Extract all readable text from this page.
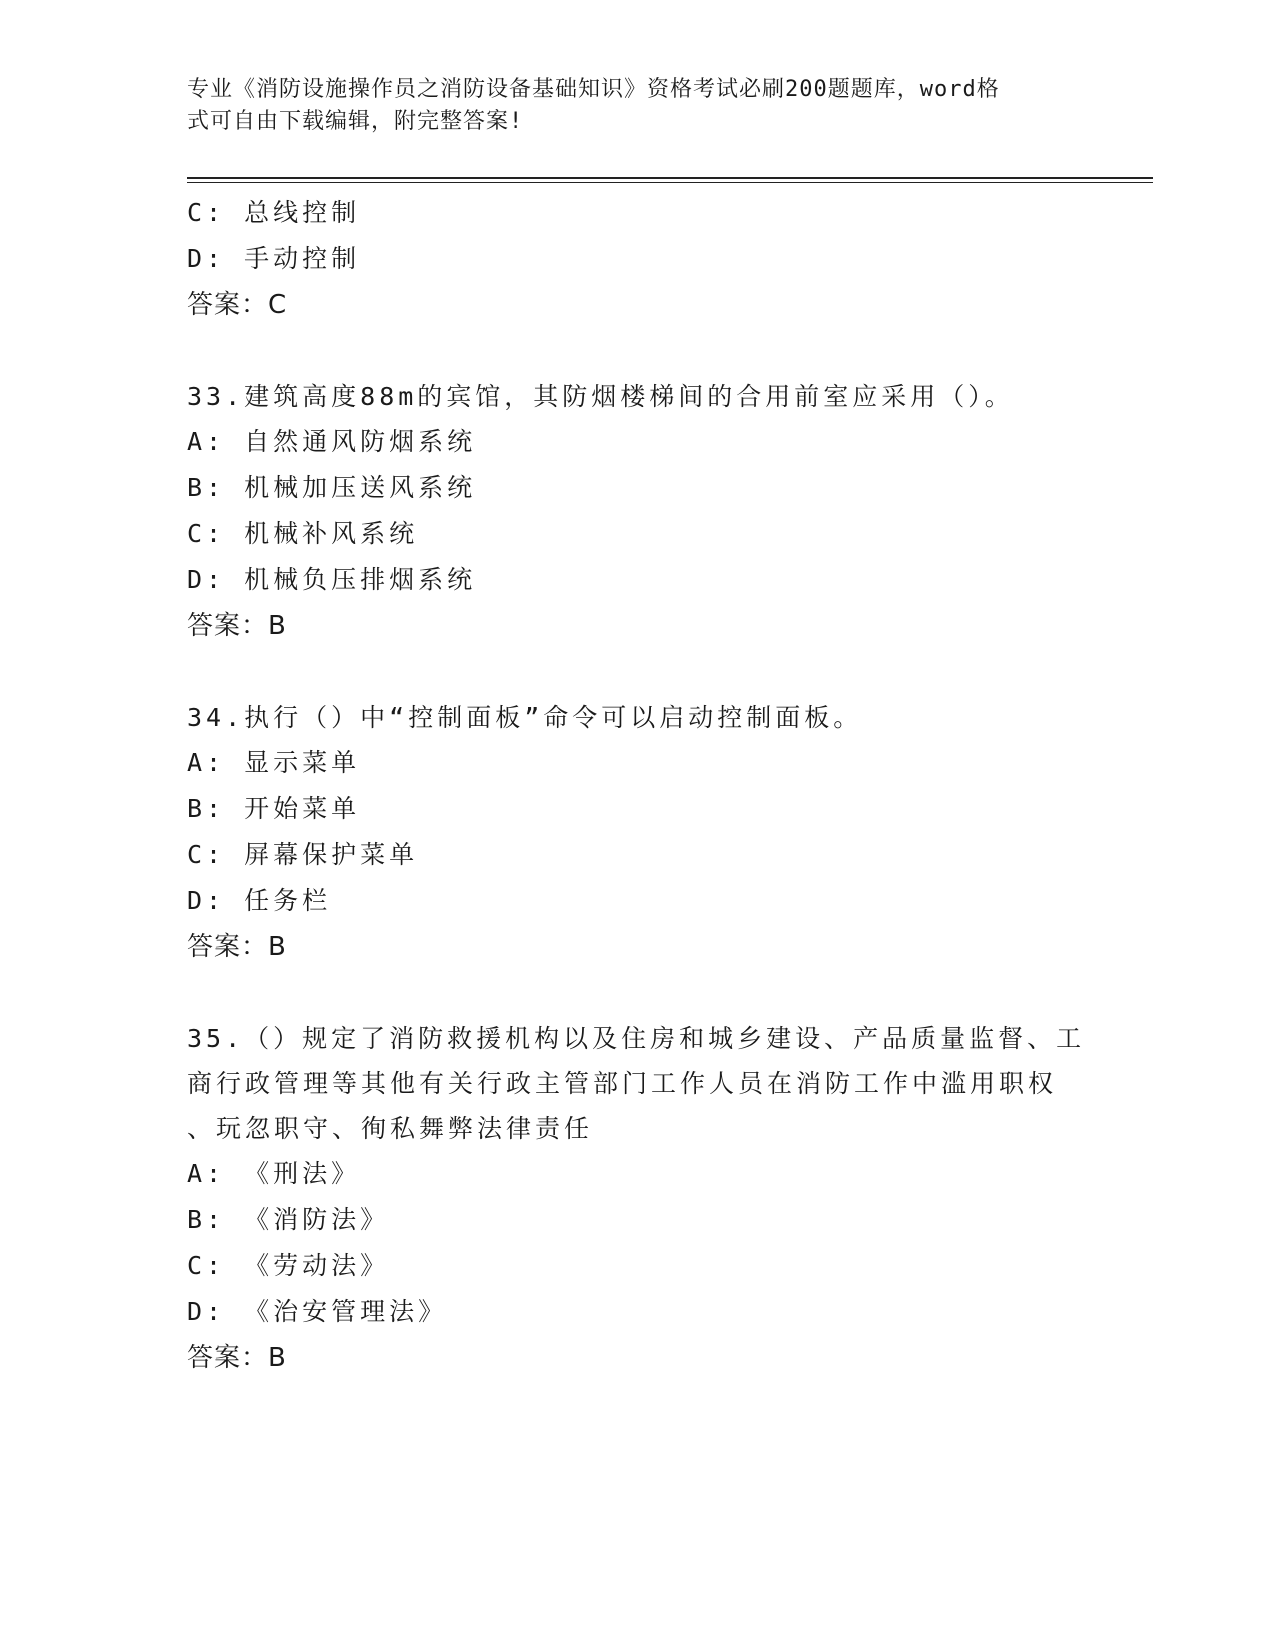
专业《消防设施操作员之消防设备基础知识》资格考试必刷200题题库，word格
式可自由下载编辑，附完整答案!
C: 总线控制
D: 手动控制
答案：C
33.建筑高度88m的宾馆，其防烟楼梯间的合用前室应采用（）。
A: 自然通风防烟系统
B: 机械加压送风系统
C: 机械补风系统
D: 机械负压排烟系统
答案：B
34.执行（）中“控制面板”命令可以启动控制面板。
A: 显示菜单
B: 开始菜单
C: 屏幕保护菜单
D: 任务栏
答案：B
35.（）规定了消防救援机构以及住房和城乡建设、产品质量监督、工
商行政管理等其他有关行政主管部门工作人员在消防工作中滥用职权
、玩忽职守、徇私舞弊法律责任
A: 《刑法》
B: 《消防法》
C: 《劳动法》
D: 《治安管理法》
答案：B
